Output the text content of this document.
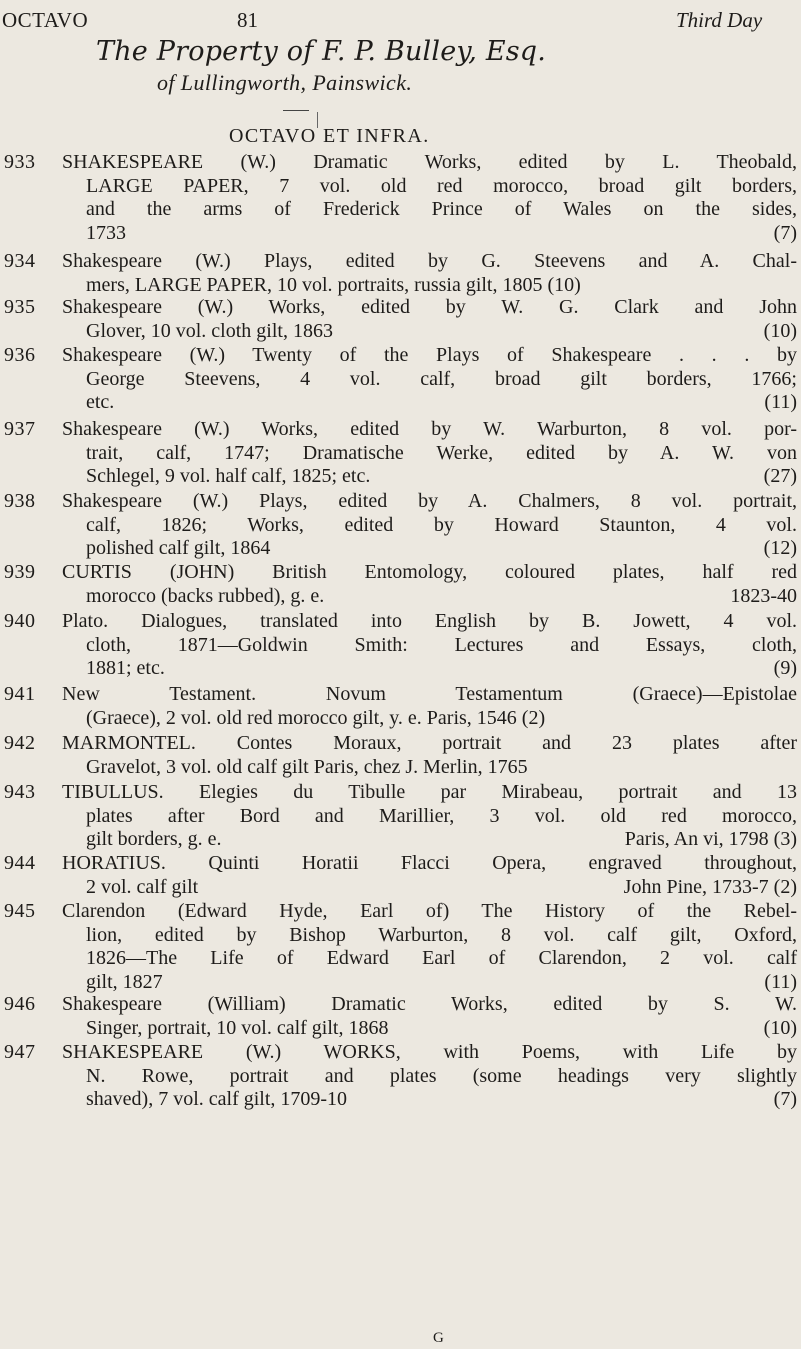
OCTAVO	81	Third Day
The Property of F. P. Bulley, Esq.
of Lullingworth, Painswick.
OCTAVO ET INFRA.
933	SHAKESPEARE (W.) Dramatic Works, edited by L. Theobald,
LARGE PAPER, 7 vol. old red morocco, broad gilt borders,
and the arms of Frederick Prince of Wales on the sides,
1733	(7)
934	Shakespeare (W.) Plays, edited by G. Steevens and A. Chal-
mers, LARGE PAPER, 10 vol. portraits, russia gilt, 1805 (10)
935	Shakespeare (W.) Works, edited by W. G. Clark and John
Glover, 10 vol. cloth gilt, 1863	(10)
936	Shakespeare (W.) Twenty of the Plays of Shakespeare . . . by
George Steevens, 4 vol. calf, broad gilt borders, 1766;
etc.	(11)
937	Shakespeare (W.) Works, edited by W. Warburton, 8 vol. por-
trait, calf, 1747; Dramatische Werke, edited by A. W. von
Schlegel, 9 vol. half calf, 1825; etc.	(27)
938	Shakespeare (W.) Plays, edited by A. Chalmers, 8 vol. portrait,
calf, 1826; Works, edited by Howard Staunton, 4 vol.
polished calf gilt, 1864	(12)
939	CURTIS (JOHN) British Entomology, coloured plates, half red
morocco (backs rubbed), g. e.	1823-40
940	Plato. Dialogues, translated into English by B. Jowett, 4 vol.
cloth, 1871—Goldwin Smith: Lectures and Essays, cloth,
1881; etc.	(9)
941	New Testament. Novum Testamentum (Graece)—Epistolae
(Graece), 2 vol. old red morocco gilt, y. e. Paris, 1546 (2)
942	MARMONTEL. Contes Moraux, portrait and 23 plates after
Gravelot, 3 vol. old calf gilt Paris, chez J. Merlin, 1765
943	TIBULLUS. Elegies du Tibulle par Mirabeau, portrait and 13
plates after Bord and Marillier, 3 vol. old red morocco,
gilt borders, g. e.	Paris, An vi, 1798 (3)
944	HORATIUS. Quinti Horatii Flacci Opera, engraved throughout,
2 vol. calf gilt	John Pine, 1733-7 (2)
945	Clarendon (Edward Hyde, Earl of) The History of the Rebel-
lion, edited by Bishop Warburton, 8 vol. calf gilt, Oxford,
1826—The Life of Edward Earl of Clarendon, 2 vol. calf
gilt, 1827	(11)
946	Shakespeare (William) Dramatic Works, edited by S. W.
Singer, portrait, 10 vol. calf gilt, 1868	(10)
947	SHAKESPEARE (W.) WORKS, with Poems, with Life by
N. Rowe, portrait and plates (some headings very slightly
shaved), 7 vol. calf gilt, 1709-10	(7)
G
